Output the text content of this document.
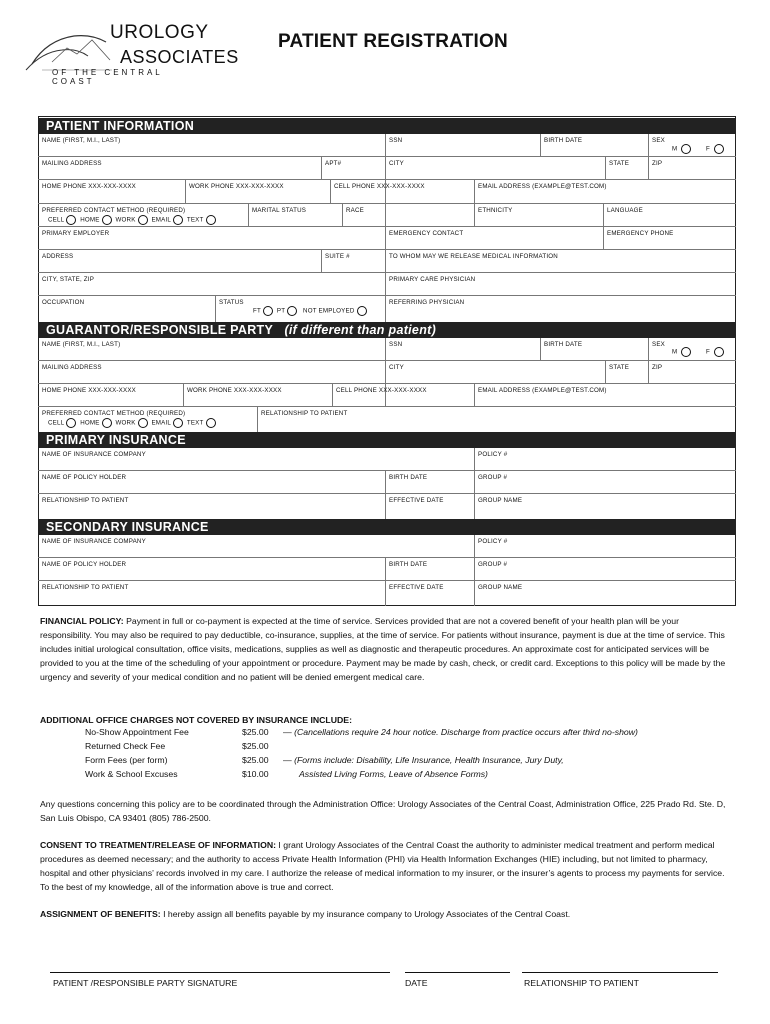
UROLOGY
ASSOCIATES
OF THE CENTRAL COAST
PATIENT REGISTRATION
PATIENT INFORMATION
GUARANTOR/RESPONSIBLE PARTY (if different than patient)
PRIMARY INSURANCE
SECONDARY INSURANCE
NAME (FIRST, M.I., LAST)	SSN	BIRTH DATE	SEX
M	F
MAILING ADDRESS	APT#	CITY	STATE	ZIP
HOME PHONE XXX-XXX-XXXX	WORK PHONE XXX-XXX-XXXX	CELL PHONE XXX-XXX-XXXX	EMAIL ADDRESS (EXAMPLE@TEST.COM)
PREFERRED CONTACT METHOD (REQUIRED)
CELL	HOME	WORK	EMAIL	TEXT
MARITAL STATUS	RACE	ETHNICITY	LANGUAGE
PRIMARY EMPLOYER	EMERGENCY CONTACT	EMERGENCY PHONE
ADDRESS	SUITE #	TO WHOM MAY WE RELEASE MEDICAL INFORMATION
CITY, STATE, ZIP	PRIMARY CARE PHYSICIAN
OCCUPATION	STATUS
FT	PT	NOT EMPLOYED
REFERRING PHYSICIAN
NAME (FIRST, M.I., LAST)	SSN	BIRTH DATE	SEX
M	F
MAILING ADDRESS	CITY	STATE	ZIP
HOME PHONE XXX-XXX-XXXX	WORK PHONE XXX-XXX-XXXX	CELL PHONE XXX-XXX-XXXX	EMAIL ADDRESS (EXAMPLE@TEST.COM)
PREFERRED CONTACT METHOD (REQUIRED)
CELL	HOME	WORK	EMAIL	TEXT
RELATIONSHIP TO PATIENT
NAME OF INSURANCE COMPANY	POLICY #
NAME OF POLICY HOLDER	BIRTH DATE	GROUP #
RELATIONSHIP TO PATIENT	EFFECTIVE DATE	GROUP NAME
NAME OF INSURANCE COMPANY	POLICY #
NAME OF POLICY HOLDER	BIRTH DATE	GROUP #
RELATIONSHIP TO PATIENT	EFFECTIVE DATE	GROUP NAME
FINANCIAL POLICY: Payment in full or co-payment is expected at the time of service. Services provided that are not a covered benefit of your health plan will be your responsibility. You may also be required to pay deductible, co-insurance, supplies, at the time of service. For patients without insurance, payment is due at the time of service. This includes initial urological consultation, office visits, medications, supplies as well as diagnostic and therapeutic procedures. An approximate cost for anticipated services will be provided to you at the time of the scheduling of your appointment or procedure. Payment may be made by cash, check, or credit card. Exceptions to this policy will be made by the urgency and severity of your medical condition and no patient will be denied emergent medical care.
ADDITIONAL OFFICE CHARGES NOT COVERED BY INSURANCE INCLUDE:
No-Show Appointment Fee	$25.00 — (Cancellations require 24 hour notice. Discharge from practice occurs after third no-show)
Returned Check Fee	$25.00
Form Fees (per form)	$25.00 — (Forms include: Disability, Life Insurance, Health Insurance, Jury Duty,
Work & School Excuses	$10.00	Assisted Living Forms, Leave of Absence Forms)
Any questions concerning this policy are to be coordinated through the Administration Office: Urology Associates of the Central Coast, Administration Office, 225 Prado Rd. Ste. D, San Luis Obispo, CA 93401 (805) 786-2500.
CONSENT TO TREATMENT/RELEASE OF INFORMATION: I grant Urology Associates of the Central Coast the authority to administer medical treatment and perform medical procedures as deemed necessary; and the authority to access Private Health Information (PHI) via Health Information Exchanges (HIE) including, but not limited to pharmacy, hospital and other physicians’ records involved in my care. I authorize the release of medical information to my insurer, or the insurer’s agents to process my payments for service. To the best of my knowledge, all of the information above is true and correct.
ASSIGNMENT OF BENEFITS: I hereby assign all benefits payable by my insurance company to Urology Associates of the Central Coast.
PATIENT /RESPONSIBLE PARTY SIGNATURE	DATE	RELATIONSHIP TO PATIENT
